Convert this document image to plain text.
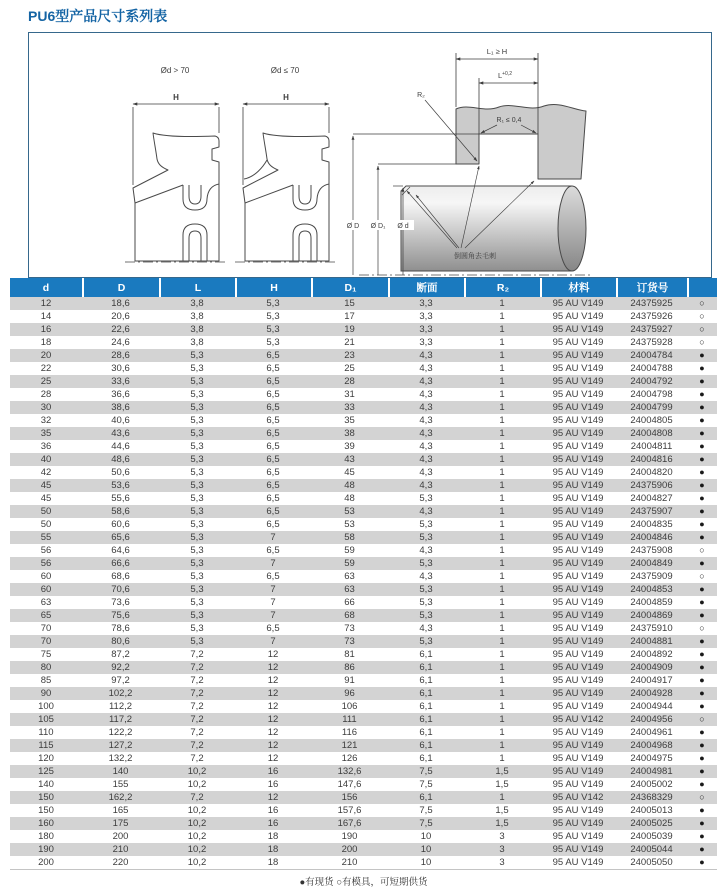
PU6型产品尺寸系列表
Ød > 70	Ød ≤ 70
H	H
L₁ ≥ H
$L^{+0,2}$
R₁ ≤ 0,4
R₂
倒圆角去毛刺
Ø D Ø D₁ Ø d
d	D	L	H	D₁	断面	R₂	材料	订货号	
12	18,6	3,8	5,3	15	3,3	1	95 AU V149	24375925	○
14	20,6	3,8	5,3	17	3,3	1	95 AU V149	24375926	○
16	22,6	3,8	5,3	19	3,3	1	95 AU V149	24375927	○
18	24,6	3,8	5,3	21	3,3	1	95 AU V149	24375928	○
20	28,6	5,3	6,5	23	4,3	1	95 AU V149	24004784	●
22	30,6	5,3	6,5	25	4,3	1	95 AU V149	24004788	●
25	33,6	5,3	6,5	28	4,3	1	95 AU V149	24004792	●
28	36,6	5,3	6,5	31	4,3	1	95 AU V149	24004798	●
30	38,6	5,3	6,5	33	4,3	1	95 AU V149	24004799	●
32	40,6	5,3	6,5	35	4,3	1	95 AU V149	24004805	●
35	43,6	5,3	6,5	38	4,3	1	95 AU V149	24004808	●
36	44,6	5,3	6,5	39	4,3	1	95 AU V149	24004811	●
40	48,6	5,3	6,5	43	4,3	1	95 AU V149	24004816	●
42	50,6	5,3	6,5	45	4,3	1	95 AU V149	24004820	●
45	53,6	5,3	6,5	48	4,3	1	95 AU V149	24375906	●
45	55,6	5,3	6,5	48	5,3	1	95 AU V149	24004827	●
50	58,6	5,3	6,5	53	4,3	1	95 AU V149	24375907	●
50	60,6	5,3	6,5	53	5,3	1	95 AU V149	24004835	●
55	65,6	5,3	7	58	5,3	1	95 AU V149	24004846	●
56	64,6	5,3	6,5	59	4,3	1	95 AU V149	24375908	○
56	66,6	5,3	7	59	5,3	1	95 AU V149	24004849	●
60	68,6	5,3	6,5	63	4,3	1	95 AU V149	24375909	○
60	70,6	5,3	7	63	5,3	1	95 AU V149	24004853	●
63	73,6	5,3	7	66	5,3	1	95 AU V149	24004859	●
65	75,6	5,3	7	68	5,3	1	95 AU V149	24004869	●
70	78,6	5,3	6,5	73	4,3	1	95 AU V149	24375910	○
70	80,6	5,3	7	73	5,3	1	95 AU V149	24004881	●
75	87,2	7,2	12	81	6,1	1	95 AU V149	24004892	●
80	92,2	7,2	12	86	6,1	1	95 AU V149	24004909	●
85	97,2	7,2	12	91	6,1	1	95 AU V149	24004917	●
90	102,2	7,2	12	96	6,1	1	95 AU V149	24004928	●
100	112,2	7,2	12	106	6,1	1	95 AU V149	24004944	●
105	117,2	7,2	12	111	6,1	1	95 AU V142	24004956	○
110	122,2	7,2	12	116	6,1	1	95 AU V149	24004961	●
115	127,2	7,2	12	121	6,1	1	95 AU V149	24004968	●
120	132,2	7,2	12	126	6,1	1	95 AU V149	24004975	●
125	140	10,2	16	132,6	7,5	1,5	95 AU V149	24004981	●
140	155	10,2	16	147,6	7,5	1,5	95 AU V149	24005002	●
150	162,2	7,2	12	156	6,1	1	95 AU V142	24368329	○
150	165	10,2	16	157,6	7,5	1,5	95 AU V149	24005013	●
160	175	10,2	16	167,6	7,5	1,5	95 AU V149	24005025	●
180	200	10,2	18	190	10	3	95 AU V149	24005039	●
190	210	10,2	18	200	10	3	95 AU V149	24005044	●
200	220	10,2	18	210	10	3	95 AU V149	24005050	●
●有现货 ○有模具，可短期供货
